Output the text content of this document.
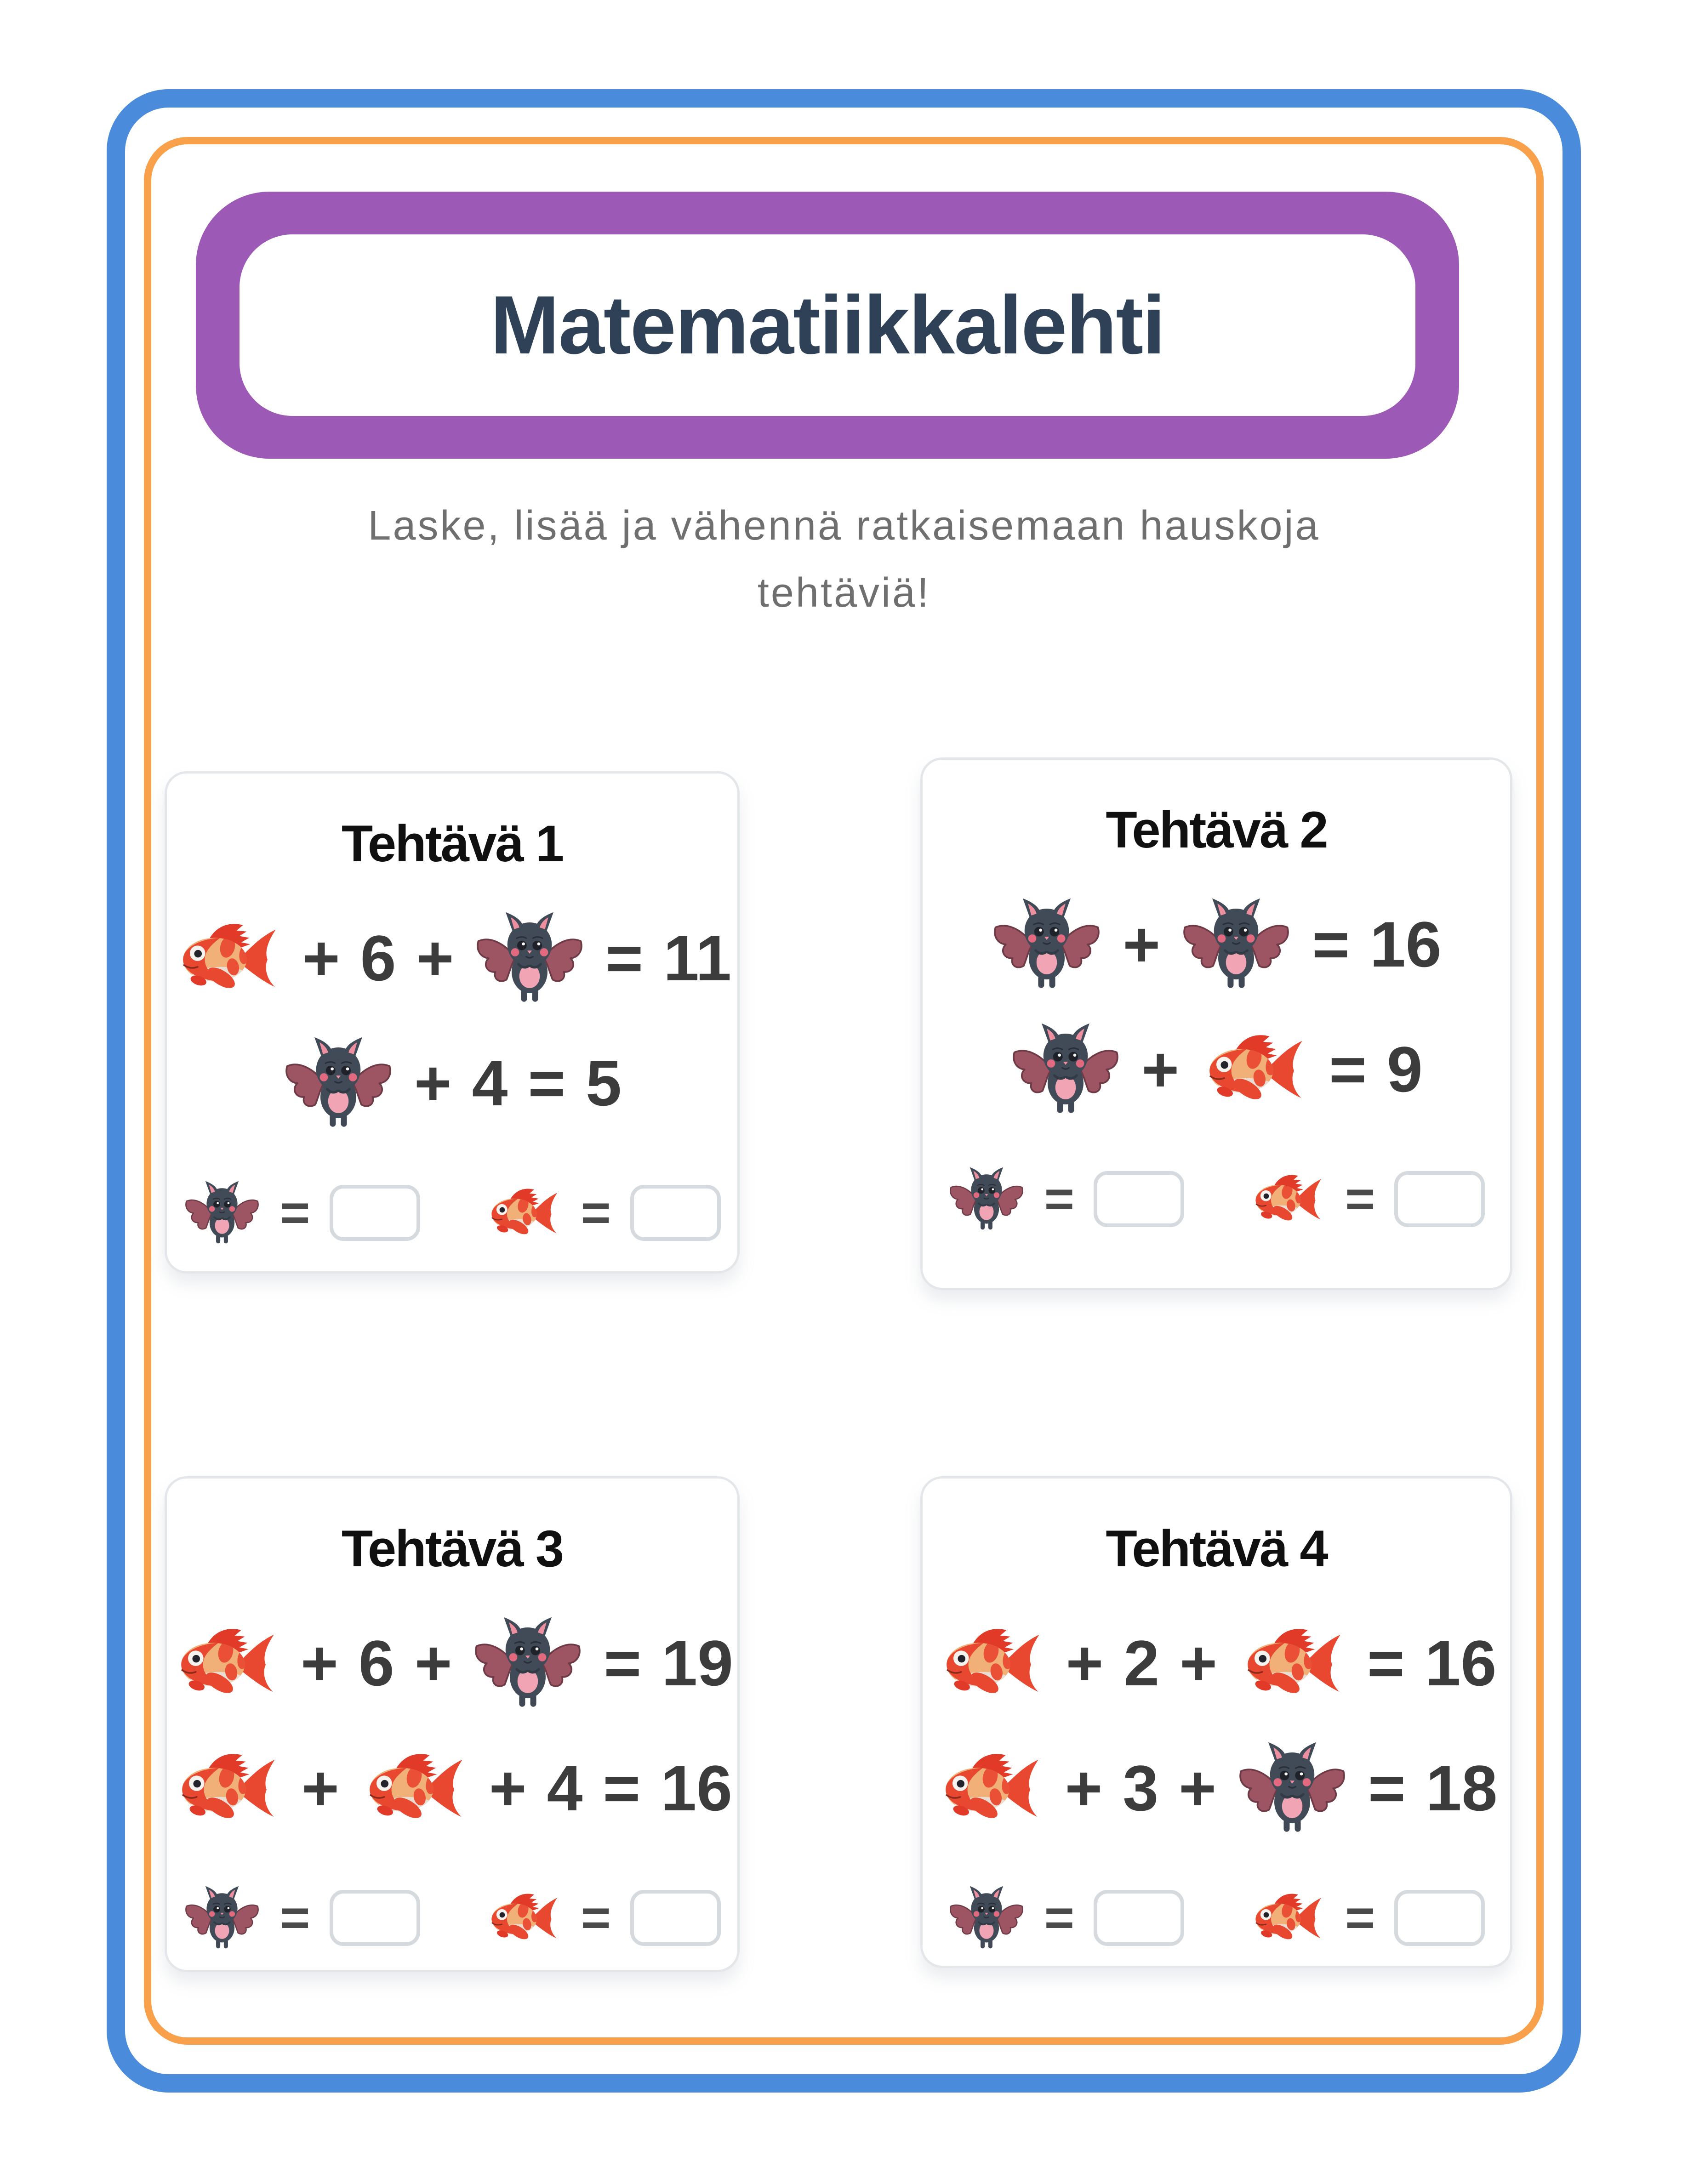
Matematiikkalehti

Laske, lisää ja vähennä ratkaisemaan hauskoja
tehtäviä!

Tehtävä 1
+ 6 + = 11
+ 4 = 5
=	=
Tehtävä 2
+ = 16
+ = 9
=	=
Tehtävä 3
+ 6 + = 19
+ + 4 = 16
=	=
Tehtävä 4
+ 2 + = 16
+ 3 + = 18
=	=
